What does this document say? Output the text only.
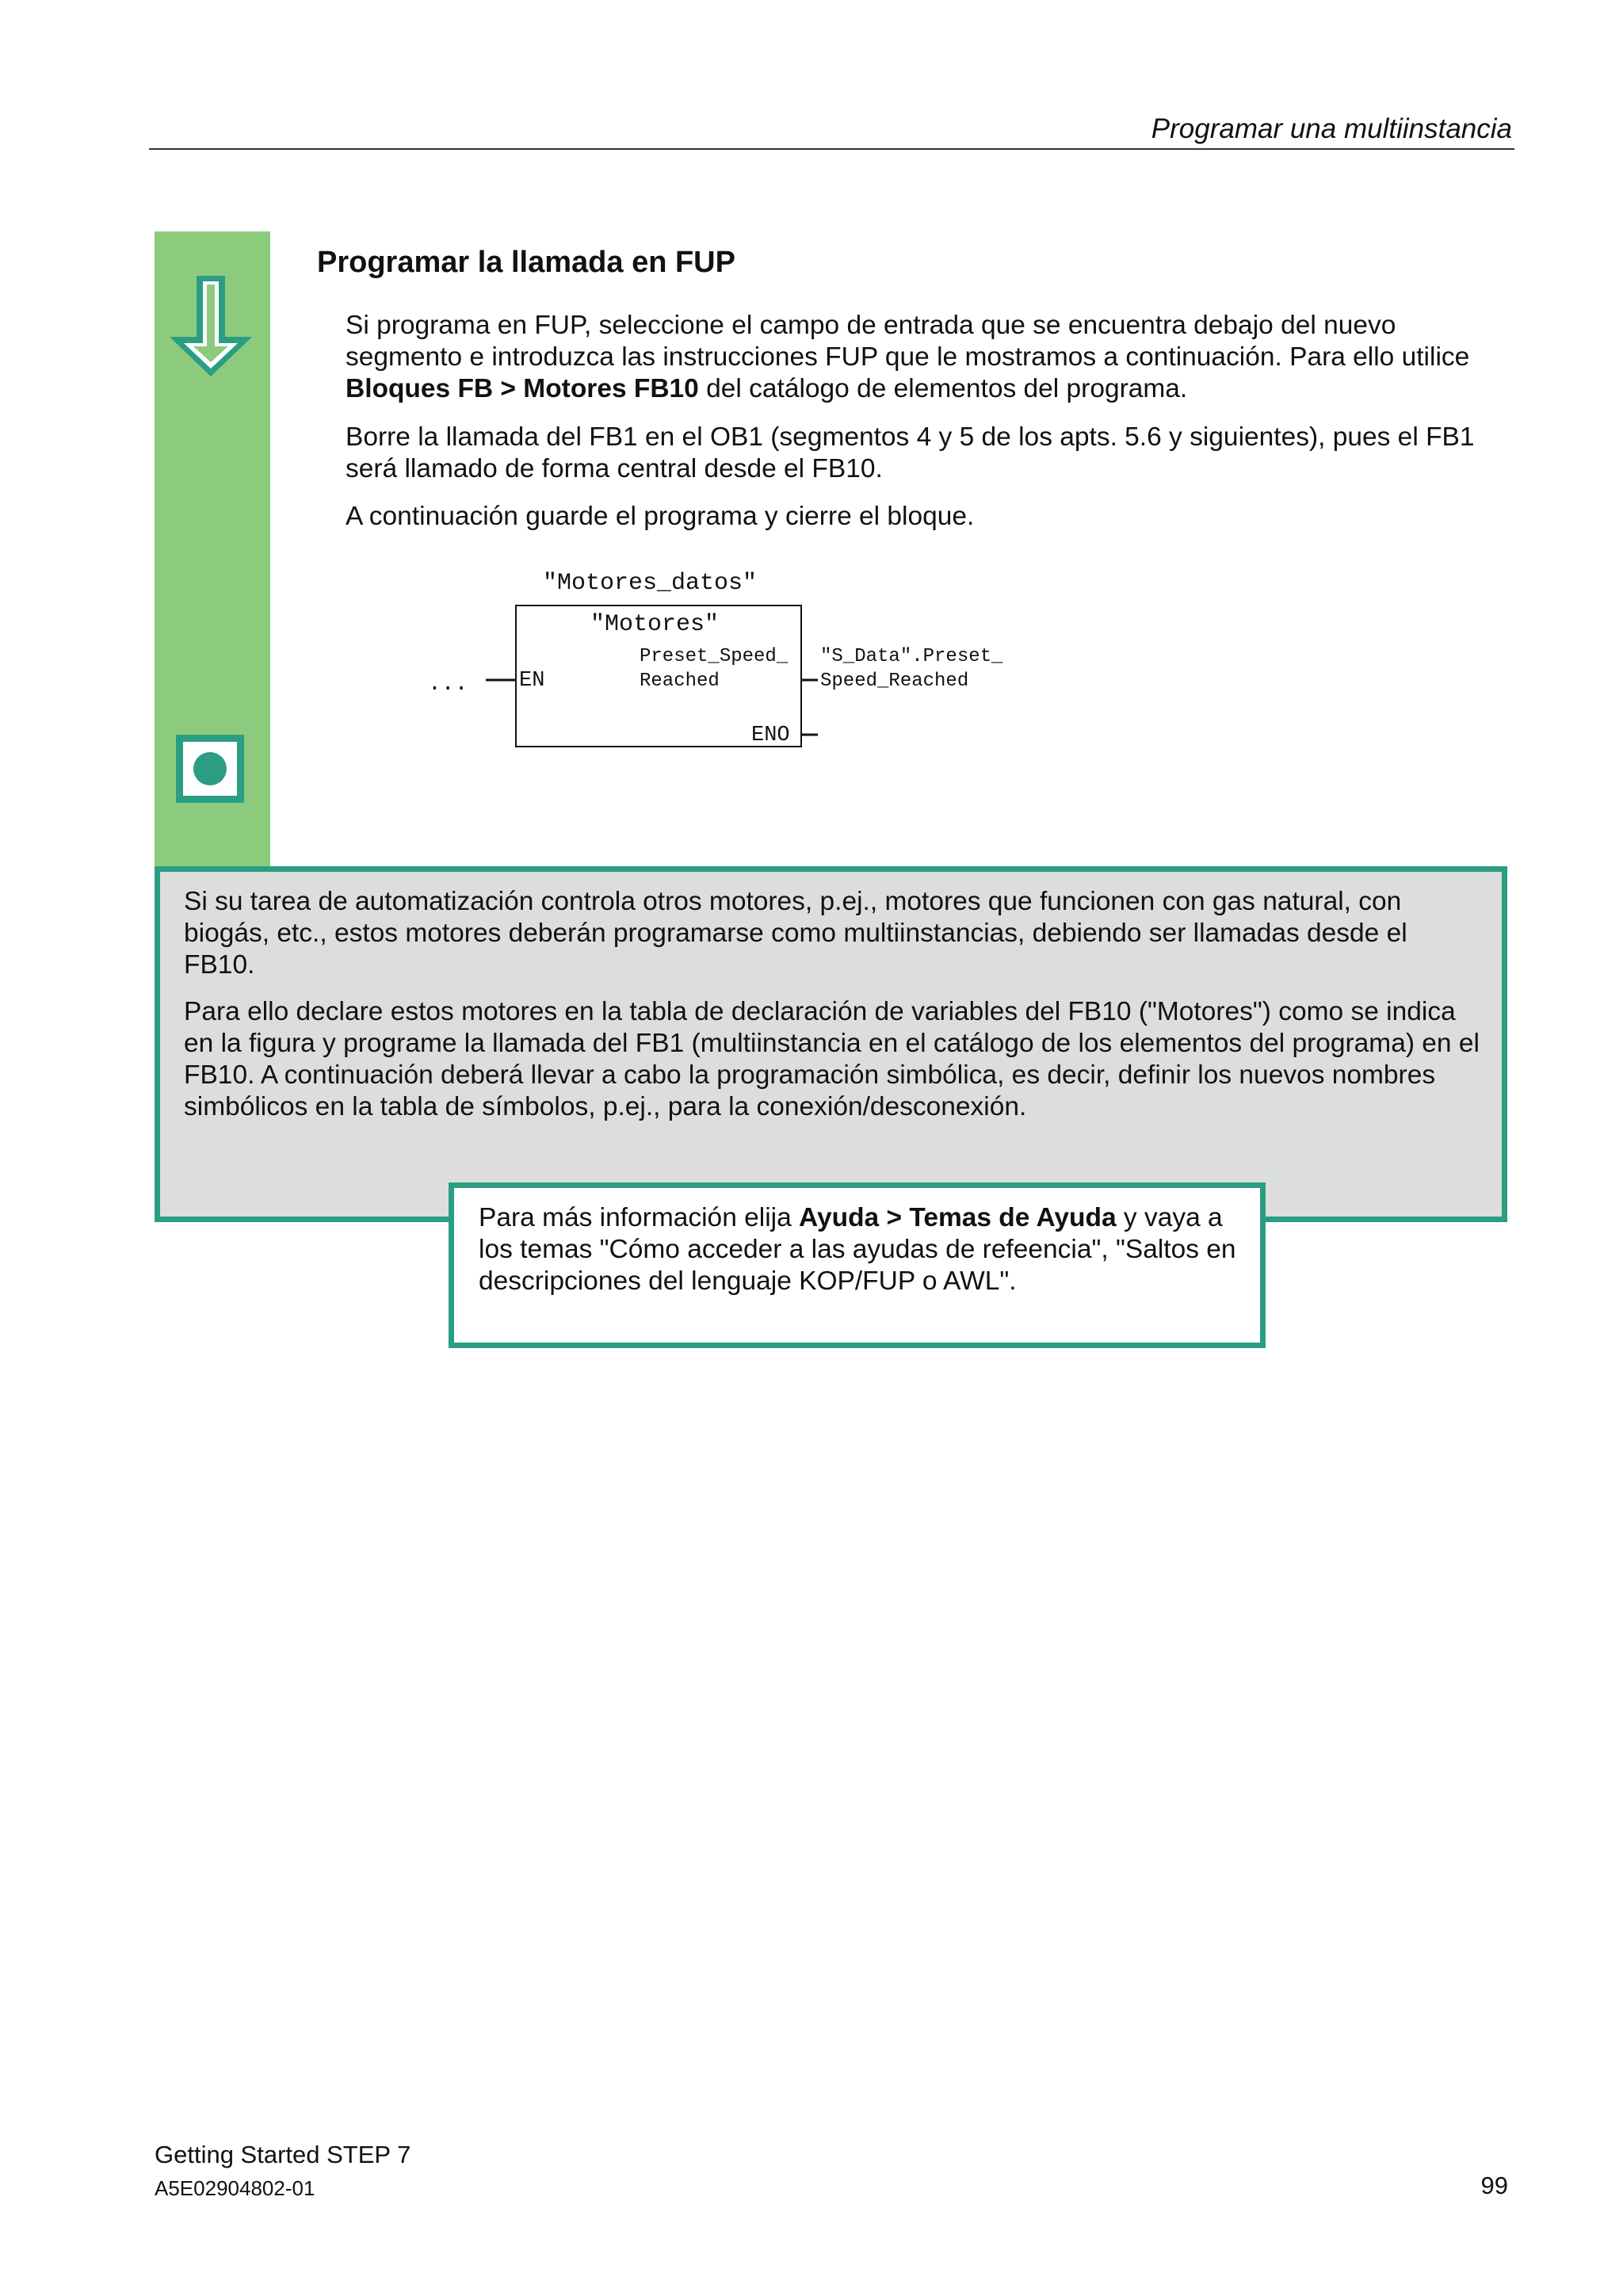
Programar una multiinstancia
Programar la llamada en FUP

Si programa en FUP, seleccione el campo de entrada que se encuentra debajo del nuevo segmento e introduzca las instrucciones FUP que le mostramos a continuación. Para ello utilice Bloques FB > Motores FB10 del catálogo de elementos del programa.

Borre la llamada del FB1 en el OB1 (segmentos 4 y 5 de los apts. 5.6 y siguientes), pues el FB1 será llamado de forma central desde el FB10.

A continuación guarde el programa y cierre el bloque.

"Motores_datos"
"Motores"
Preset_Speed_
Reached
EN
ENO
...
"S_Data".Preset_
Speed_Reached

Si su tarea de automatización controla otros motores, p.ej., motores que funcionen con gas natural, con biogás, etc., estos motores deberán programarse como multiinstancias, debiendo ser llamadas desde el FB10.

Para ello declare estos motores en la tabla de declaración de variables del FB10 ("Motores") como se indica en la figura y programe la llamada del FB1 (multiinstancia en el catálogo de los elementos del programa) en el FB10. A continuación deberá llevar a cabo la programación simbólica, es decir, definir los nuevos nombres simbólicos en la tabla de símbolos, p.ej., para la conexión/desconexión.

Para más información elija Ayuda > Temas de Ayuda y vaya a los temas "Cómo acceder a las ayudas de refeencia", "Saltos en descripciones del lenguaje KOP/FUP o AWL".

Getting Started STEP 7
A5E02904802-01	99
